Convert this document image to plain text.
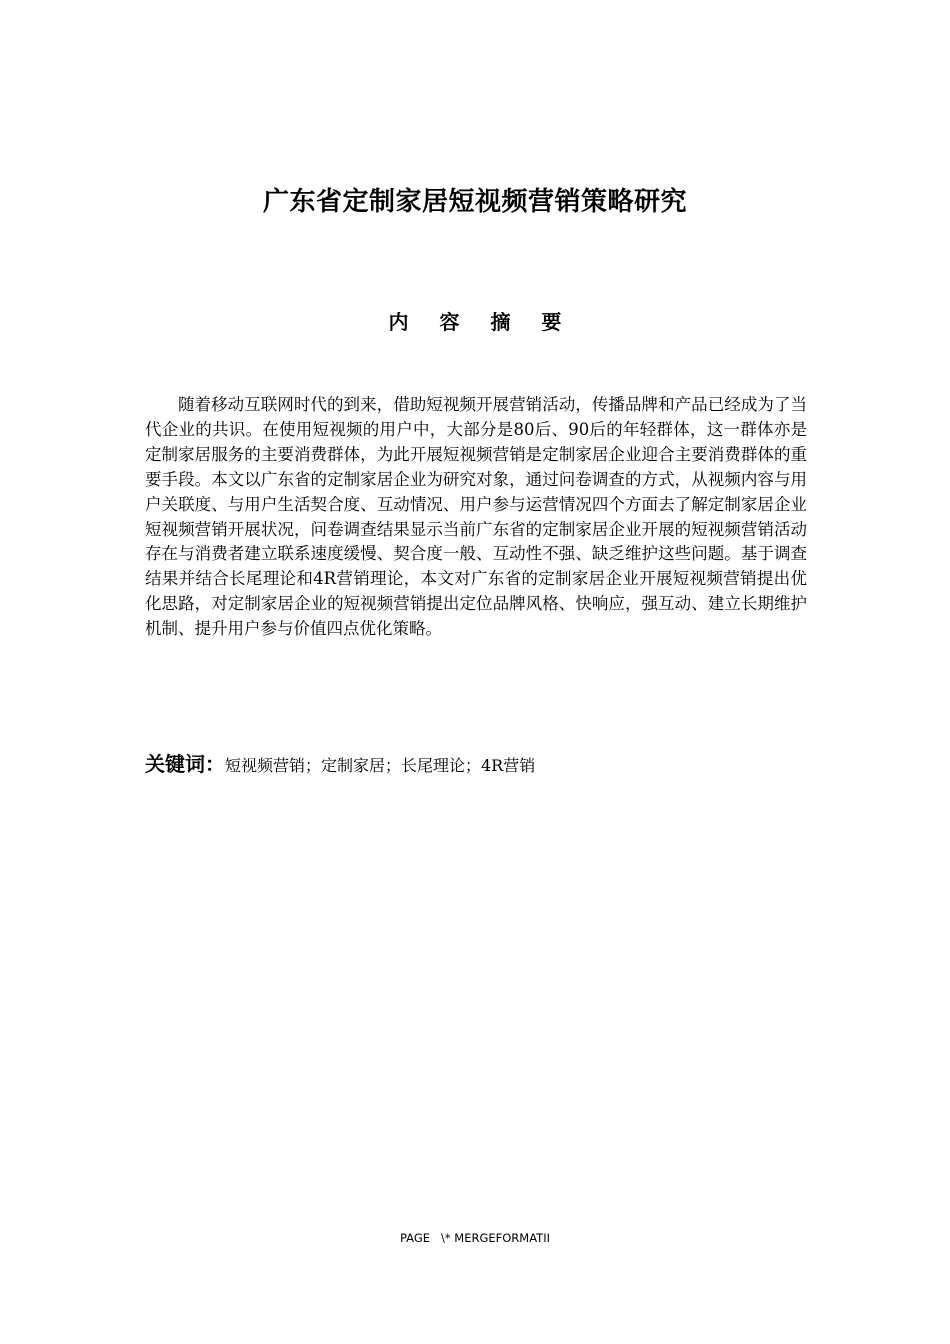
广东省定制家居短视频营销策略研究
内 容 摘 要

随着移动互联网时代的到来，借助短视频开展营销活动，传播品牌和产品已经成为了当代企业的共识。在使用短视频的用户中，大部分是80后、90后的年轻群体，这一群体亦是定制家居服务的主要消费群体，为此开展短视频营销是定制家居企业迎合主要消费群体的重要手段。本文以广东省的定制家居企业为研究对象，通过问卷调查的方式，从视频内容与用户关联度、与用户生活契合度、互动情况、用户参与运营情况四个方面去了解定制家居企业短视频营销开展状况，问卷调查结果显示当前广东省的定制家居企业开展的短视频营销活动存在与消费者建立联系速度缓慢、契合度一般、互动性不强、缺乏维护这些问题。基于调查结果并结合长尾理论和4R营销理论，本文对广东省的定制家居企业开展短视频营销提出优化思路，对定制家居企业的短视频营销提出定位品牌风格、快响应，强互动、建立长期维护机制、提升用户参与价值四点优化策略。

关键词：短视频营销；定制家居；长尾理论；4R营销
PAGE   \* MERGEFORMATII
